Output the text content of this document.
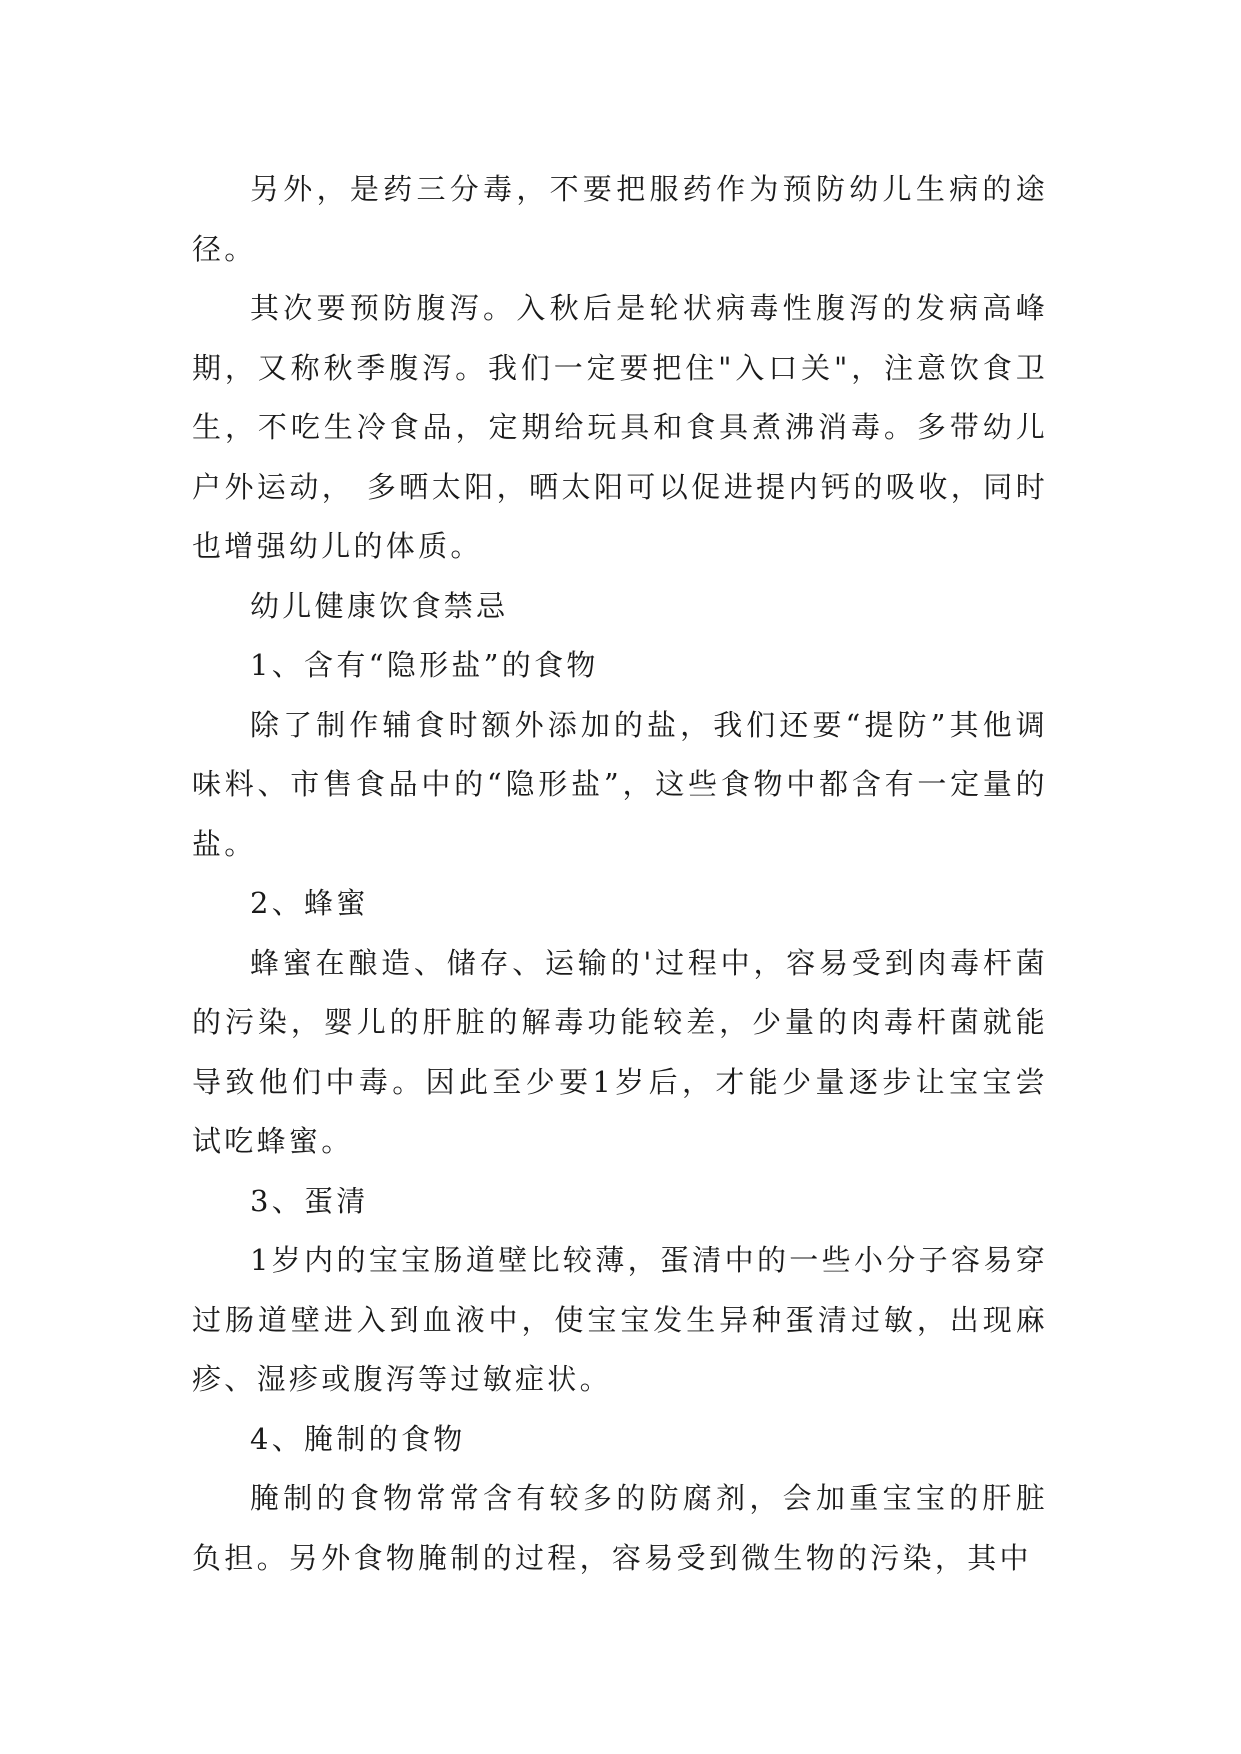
另外，是药三分毒，不要把服药作为预防幼儿生病的途径。

其次要预防腹泻。入秋后是轮状病毒性腹泻的发病高峰期，又称秋季腹泻。我们一定要把住"入口关"，注意饮食卫生，不吃生冷食品，定期给玩具和食具煮沸消毒。多带幼儿户外运动， 多晒太阳，晒太阳可以促进提内钙的吸收，同时也增强幼儿的体质。

幼儿健康饮食禁忌

1、含有“隐形盐”的食物

除了制作辅食时额外添加的盐，我们还要“提防”其他调味料、市售食品中的“隐形盐”，这些食物中都含有一定量的盐。

2、蜂蜜

蜂蜜在酿造、储存、运输的'过程中，容易受到肉毒杆菌的污染，婴儿的肝脏的解毒功能较差，少量的肉毒杆菌就能导致他们中毒。因此至少要1岁后，才能少量逐步让宝宝尝试吃蜂蜜。

3、蛋清

1岁内的宝宝肠道壁比较薄，蛋清中的一些小分子容易穿过肠道壁进入到血液中，使宝宝发生异种蛋清过敏，出现麻疹、湿疹或腹泻等过敏症状。

4、腌制的食物

腌制的食物常常含有较多的防腐剂，会加重宝宝的肝脏负担。另外食物腌制的过程，容易受到微生物的污染，其中
